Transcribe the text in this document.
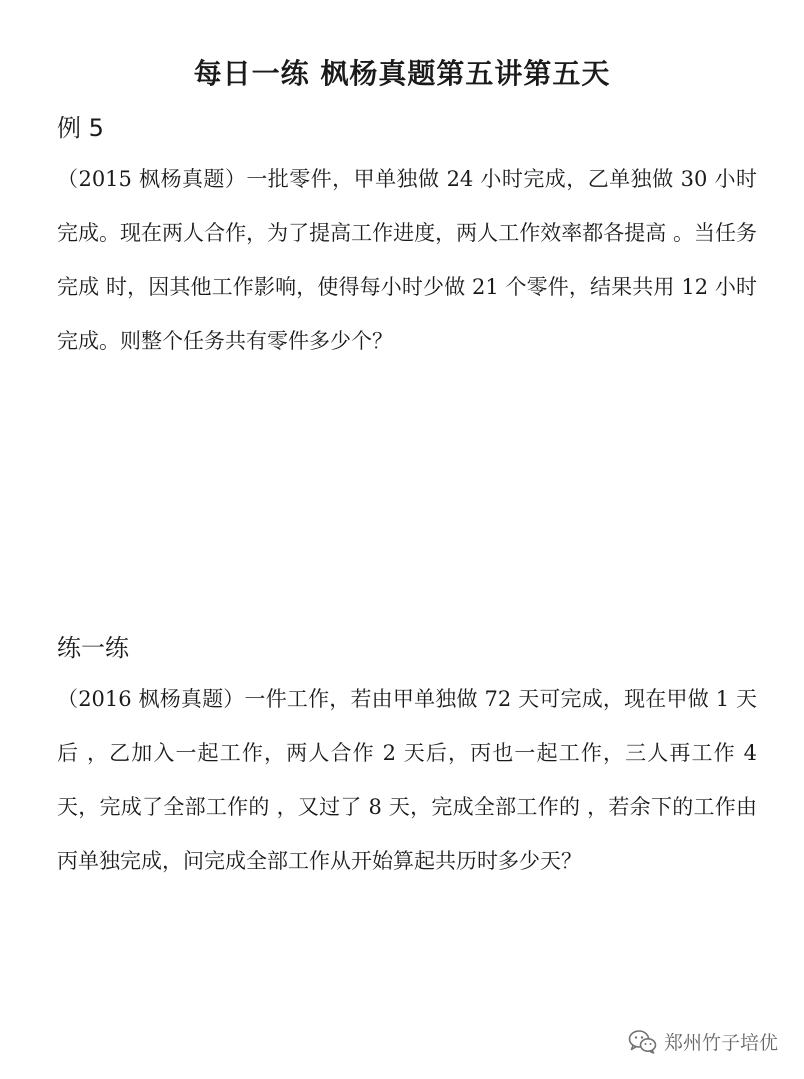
每日一练 枫杨真题第五讲第五天
例 5

（2015 枫杨真题）一批零件，甲单独做 24 小时完成，乙单独做 30 小时完成。现在两人合作，为了提高工作进度，两人工作效率都各提高 。当任务完成 时，因其他工作影响，使得每小时少做 21 个零件，结果共用 12 小时完成。则整个任务共有零件多少个？

练一练

（2016 枫杨真题）一件工作，若由甲单独做 72 天可完成，现在甲做 1 天后 ，乙加入一起工作，两人合作 2 天后，丙也一起工作，三人再工作 4 天，完成了全部工作的 ，又过了 8 天，完成全部工作的 ，若余下的工作由丙单独完成，问完成全部工作从开始算起共历时多少天？

郑州竹子培优
